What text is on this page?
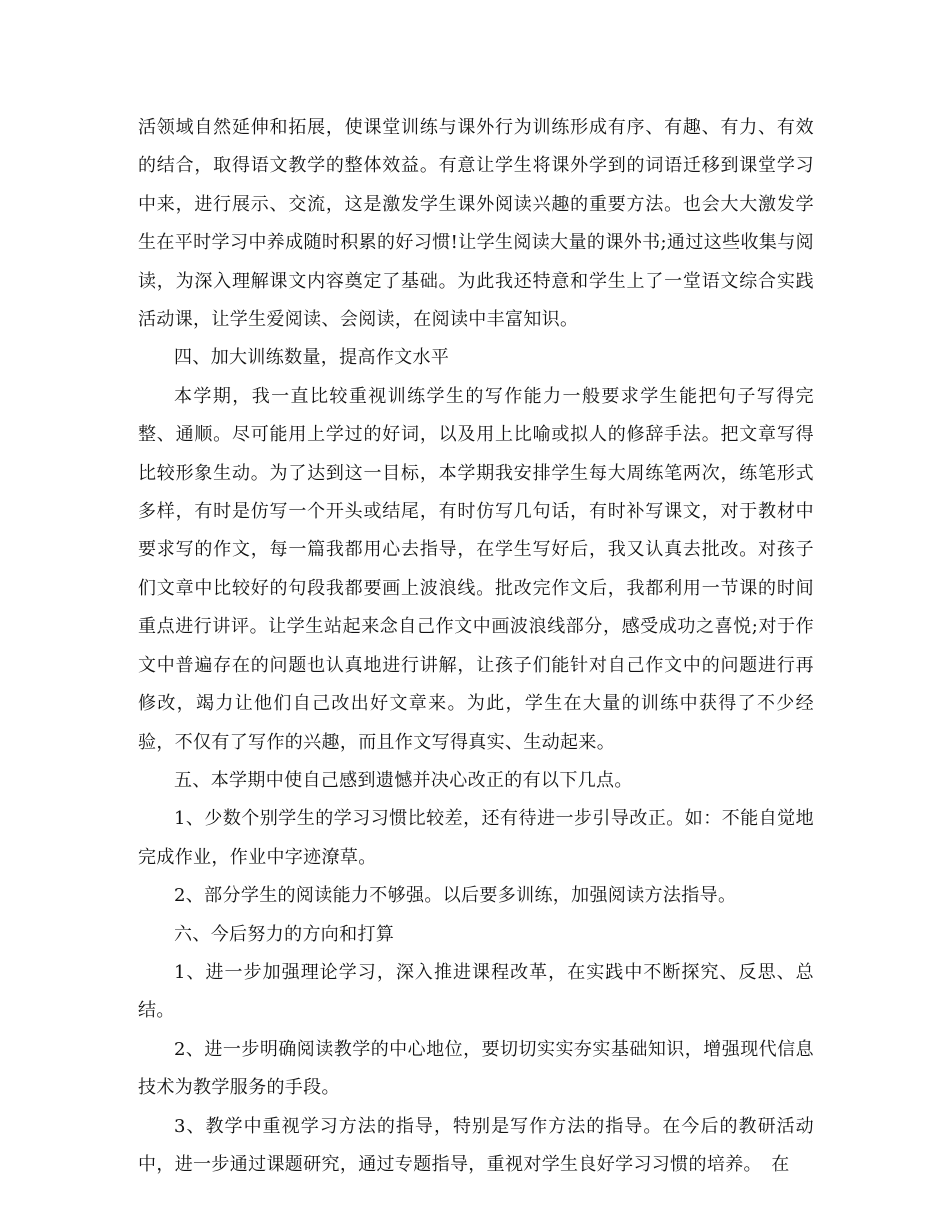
活领域自然延伸和拓展，使课堂训练与课外行为训练形成有序、有趣、有力、有效的结合，取得语文教学的整体效益。有意让学生将课外学到的词语迁移到课堂学习中来，进行展示、交流，这是激发学生课外阅读兴趣的重要方法。也会大大激发学生在平时学习中养成随时积累的好习惯!让学生阅读大量的课外书;通过这些收集与阅读，为深入理解课文内容奠定了基础。为此我还特意和学生上了一堂语文综合实践活动课，让学生爱阅读、会阅读，在阅读中丰富知识。

四、加大训练数量，提高作文水平

本学期，我一直比较重视训练学生的写作能力一般要求学生能把句子写得完整、通顺。尽可能用上学过的好词，以及用上比喻或拟人的修辞手法。把文章写得比较形象生动。为了达到这一目标，本学期我安排学生每大周练笔两次，练笔形式多样，有时是仿写一个开头或结尾，有时仿写几句话，有时补写课文，对于教材中要求写的作文，每一篇我都用心去指导，在学生写好后，我又认真去批改。对孩子们文章中比较好的句段我都要画上波浪线。批改完作文后，我都利用一节课的时间重点进行讲评。让学生站起来念自己作文中画波浪线部分，感受成功之喜悦;对于作文中普遍存在的问题也认真地进行讲解，让孩子们能针对自己作文中的问题进行再修改，竭力让他们自己改出好文章来。为此，学生在大量的训练中获得了不少经验，不仅有了写作的兴趣，而且作文写得真实、生动起来。

五、本学期中使自己感到遗憾并决心改正的有以下几点。

1、少数个别学生的学习习惯比较差，还有待进一步引导改正。如：不能自觉地完成作业，作业中字迹潦草。

2、部分学生的阅读能力不够强。以后要多训练，加强阅读方法指导。

六、今后努力的方向和打算

1、进一步加强理论学习，深入推进课程改革，在实践中不断探究、反思、总结。

2、进一步明确阅读教学的中心地位，要切切实实夯实基础知识，增强现代信息技术为教学服务的手段。

3、教学中重视学习方法的指导，特别是写作方法的指导。在今后的教研活动中，进一步通过课题研究，通过专题指导，重视对学生良好学习习惯的培养。　在
